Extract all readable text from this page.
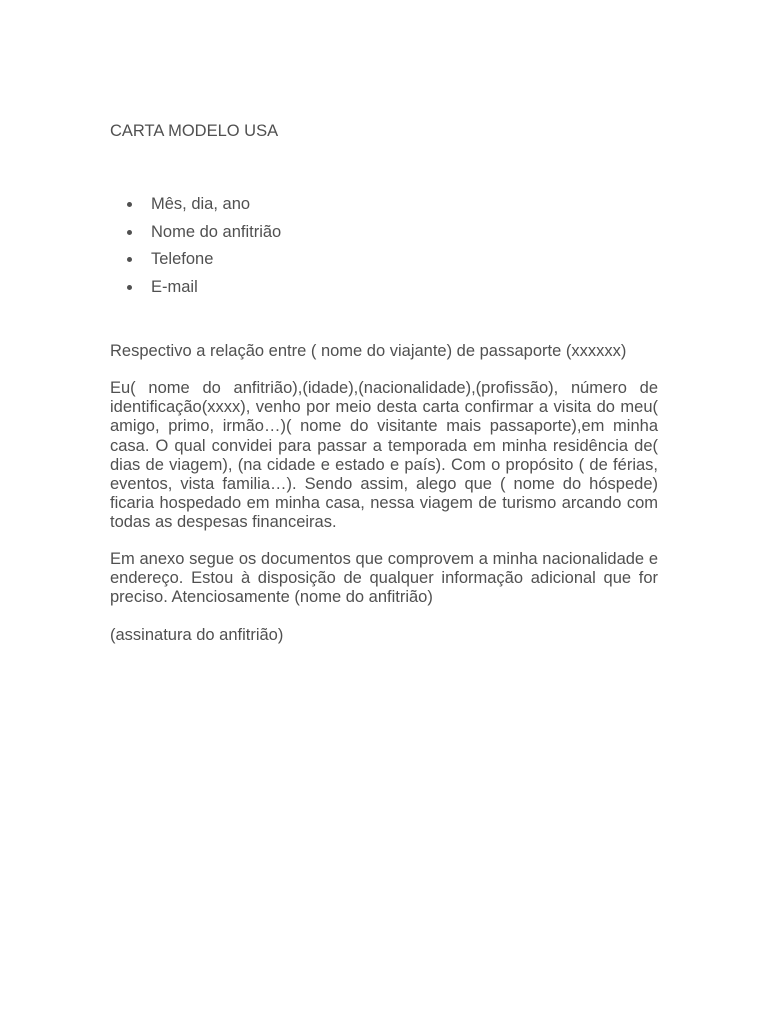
CARTA MODELO USA
Mês, dia, ano
Nome do anfitrião
Telefone
E-mail

Respectivo a relação entre ( nome do viajante) de passaporte (xxxxxx)

Eu( nome do anfitrião),(idade),(nacionalidade),(profissão), número de identificação(xxxx), venho por meio desta carta confirmar a visita do meu( amigo, primo, irmão…)( nome do visitante mais passaporte),em minha casa. O qual convidei para passar a temporada em minha residência de( dias de viagem), (na cidade e estado e país). Com o propósito ( de férias, eventos, vista familia…). Sendo assim, alego que ( nome do hóspede) ficaria hospedado em minha casa, nessa viagem de turismo arcando com todas as despesas financeiras.

Em anexo segue os documentos que comprovem a minha nacionalidade e endereço. Estou à disposição de qualquer informação adicional que for preciso. Atenciosamente (nome do anfitrião)

(assinatura do anfitrião)
